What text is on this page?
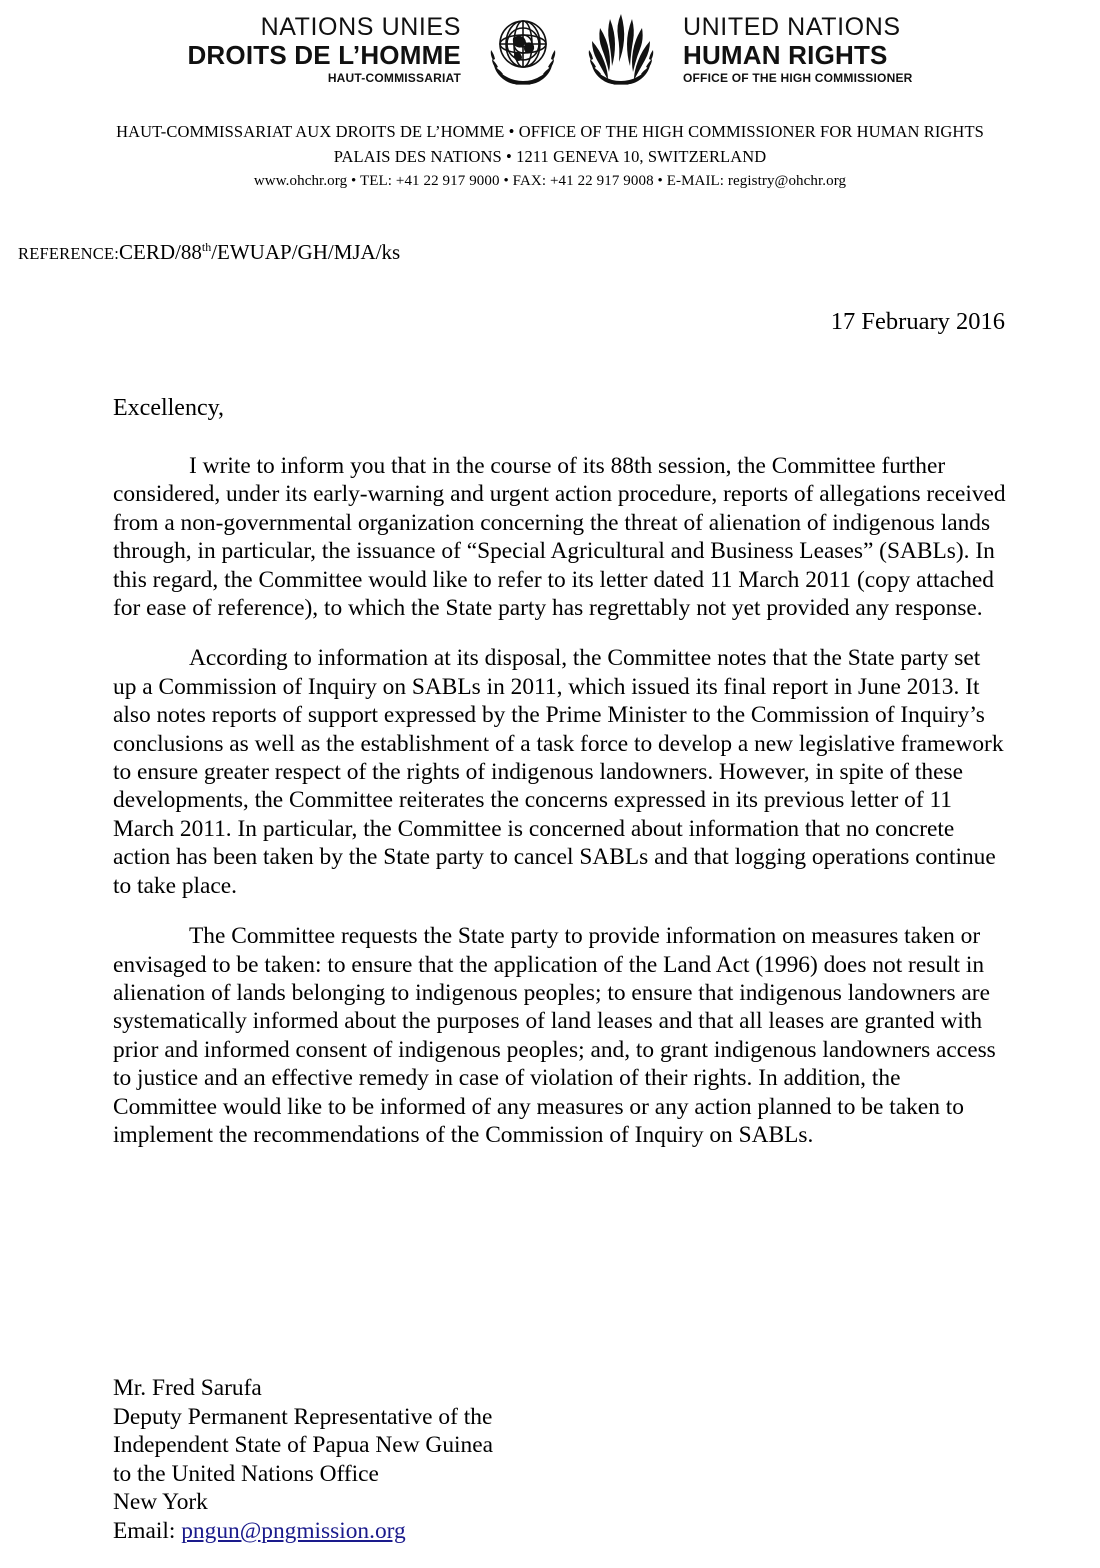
NATIONS UNIES
DROITS DE L’HOMME
HAUT-COMMISSARIAT
UNITED NATIONS
HUMAN RIGHTS
OFFICE OF THE HIGH COMMISSIONER
HAUT-COMMISSARIAT AUX DROITS DE L’HOMME • OFFICE OF THE HIGH COMMISSIONER FOR HUMAN RIGHTS
PALAIS DES NATIONS • 1211 GENEVA 10, SWITZERLAND
www.ohchr.org • TEL: +41 22 917 9000 • FAX: +41 22 917 9008 • E-MAIL: registry@ohchr.org
REFERENCE:CERD/88th/EWUAP/GH/MJA/ks
17 February 2016
Excellency,

I write to inform you that in the course of its 88th session, the Committee further considered, under its early-warning and urgent action procedure, reports of allegations received from a non-governmental organization concerning the threat of alienation of indigenous lands through, in particular, the issuance of “Special Agricultural and Business Leases” (SABLs). In this regard, the Committee would like to refer to its letter dated 11 March 2011 (copy attached for ease of reference), to which the State party has regrettably not yet provided any response.

According to information at its disposal, the Committee notes that the State party set up a Commission of Inquiry on SABLs in 2011, which issued its final report in June 2013. It also notes reports of support expressed by the Prime Minister to the Commission of Inquiry’s conclusions as well as the establishment of a task force to develop a new legislative framework to ensure greater respect of the rights of indigenous landowners. However, in spite of these developments, the Committee reiterates the concerns expressed in its previous letter of 11 March 2011. In particular, the Committee is concerned about information that no concrete action has been taken by the State party to cancel SABLs and that logging operations continue to take place.

The Committee requests the State party to provide information on measures taken or envisaged to be taken: to ensure that the application of the Land Act (1996) does not result in alienation of lands belonging to indigenous peoples; to ensure that indigenous landowners are systematically informed about the purposes of land leases and that all leases are granted with prior and informed consent of indigenous peoples; and, to grant indigenous landowners access to justice and an effective remedy in case of violation of their rights. In addition, the Committee would like to be informed of any measures or any action planned to be taken to implement the recommendations of the Commission of Inquiry on SABLs.

Mr. Fred Sarufa
Deputy Permanent Representative of the
Independent State of Papua New Guinea
to the United Nations Office
New York
Email: pngun@pngmission.org
